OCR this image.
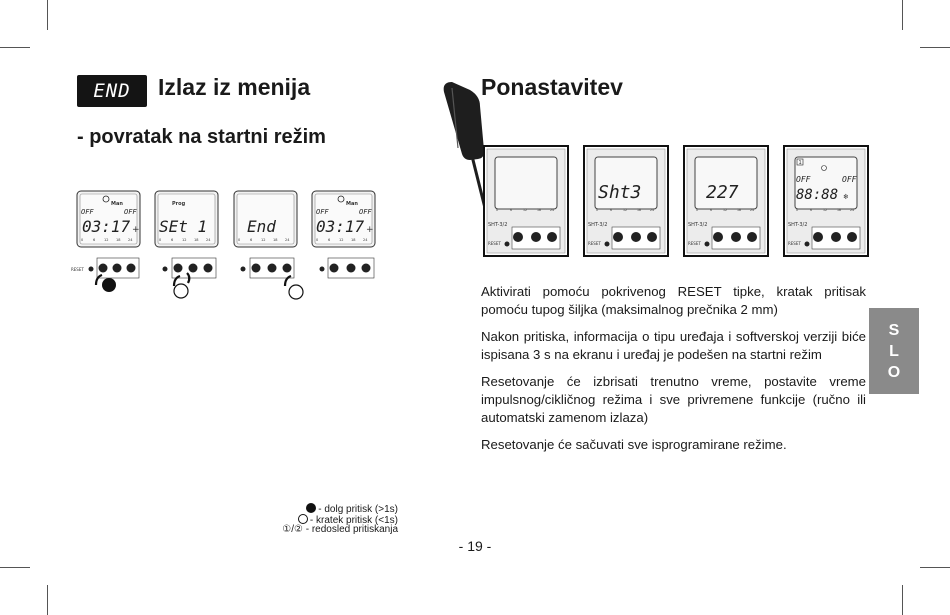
END	Izlaz iz menija
- povratak na startni režim
Man
OFF	OFF
03:17 +
0	6	12 18 24
RESET
Prog
SEt 1
0	6	12 18 24
End
0	6	12 18 24
Man
OFF	OFF
03:17 +
0	6	12 18 24
- dolg pritisk (>1s)
- kratek pritisk (<1s)
①/② - redosled pritiskanja
Ponastavitev
0	6	12	18	24
SHT-3/2
RESET
Sht3
0	6	12	18	24
SHT-3/2
RESET
227
0	6	12	18	24
SHT-3/2
RESET
1
OFF	OFF
88:88 ❄
0	6	12	18	24
SHT-3/2
RESET

Aktivirati pomoću pokrivenog RESET tipke, kratak pritisak pomoću tupog šiljka (maksimalnog prečnika 2 mm)

Nakon pritiska, informacija o tipu uređaja i softverskoj verziji biće ispisana 3 s na ekranu i uređaj je podešen na startni režim

Resetovanje će izbrisati trenutno vreme, postavite vreme impulsnog/cikličnog režima i sve privremene funkcije (ručno ili automatski zamenom izlaza)

Resetovanje će sačuvati sve isprogramirane režime.

S
L
O
- 19 -
